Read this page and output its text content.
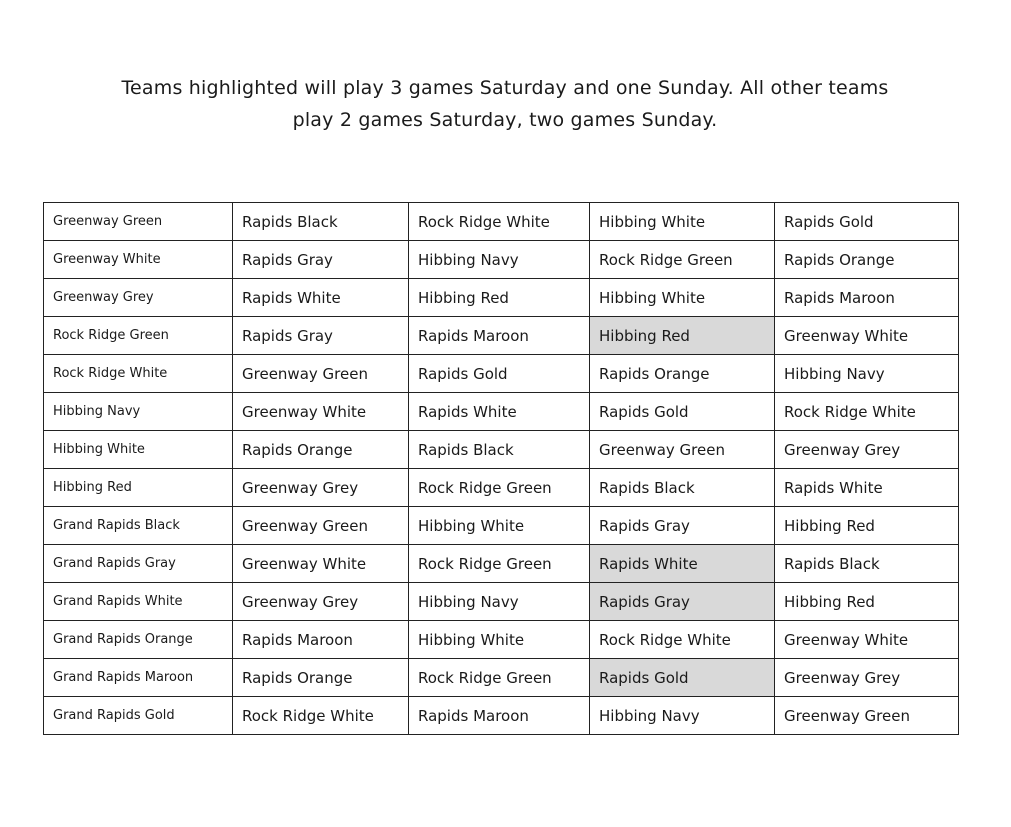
Teams highlighted will play 3 games Saturday and one Sunday. All other teams
play 2 games Saturday, two games Sunday.
Greenway Green	Rapids Black	Rock Ridge White	Hibbing White	Rapids Gold
Greenway White	Rapids Gray	Hibbing Navy	Rock Ridge Green	Rapids Orange
Greenway Grey	Rapids White	Hibbing Red	Hibbing White	Rapids Maroon
Rock Ridge Green	Rapids Gray	Rapids Maroon	Hibbing Red	Greenway White
Rock Ridge White	Greenway Green	Rapids Gold	Rapids Orange	Hibbing Navy
Hibbing Navy	Greenway White	Rapids White	Rapids Gold	Rock Ridge White
Hibbing White	Rapids Orange	Rapids Black	Greenway Green	Greenway Grey
Hibbing Red	Greenway Grey	Rock Ridge Green	Rapids Black	Rapids White
Grand Rapids Black	Greenway Green	Hibbing White	Rapids Gray	Hibbing Red
Grand Rapids Gray	Greenway White	Rock Ridge Green	Rapids White	Rapids Black
Grand Rapids White	Greenway Grey	Hibbing Navy	Rapids Gray	Hibbing Red
Grand Rapids Orange	Rapids Maroon	Hibbing White	Rock Ridge White	Greenway White
Grand Rapids Maroon	Rapids Orange	Rock Ridge Green	Rapids Gold	Greenway Grey
Grand Rapids Gold	Rock Ridge White	Rapids Maroon	Hibbing Navy	Greenway Green
